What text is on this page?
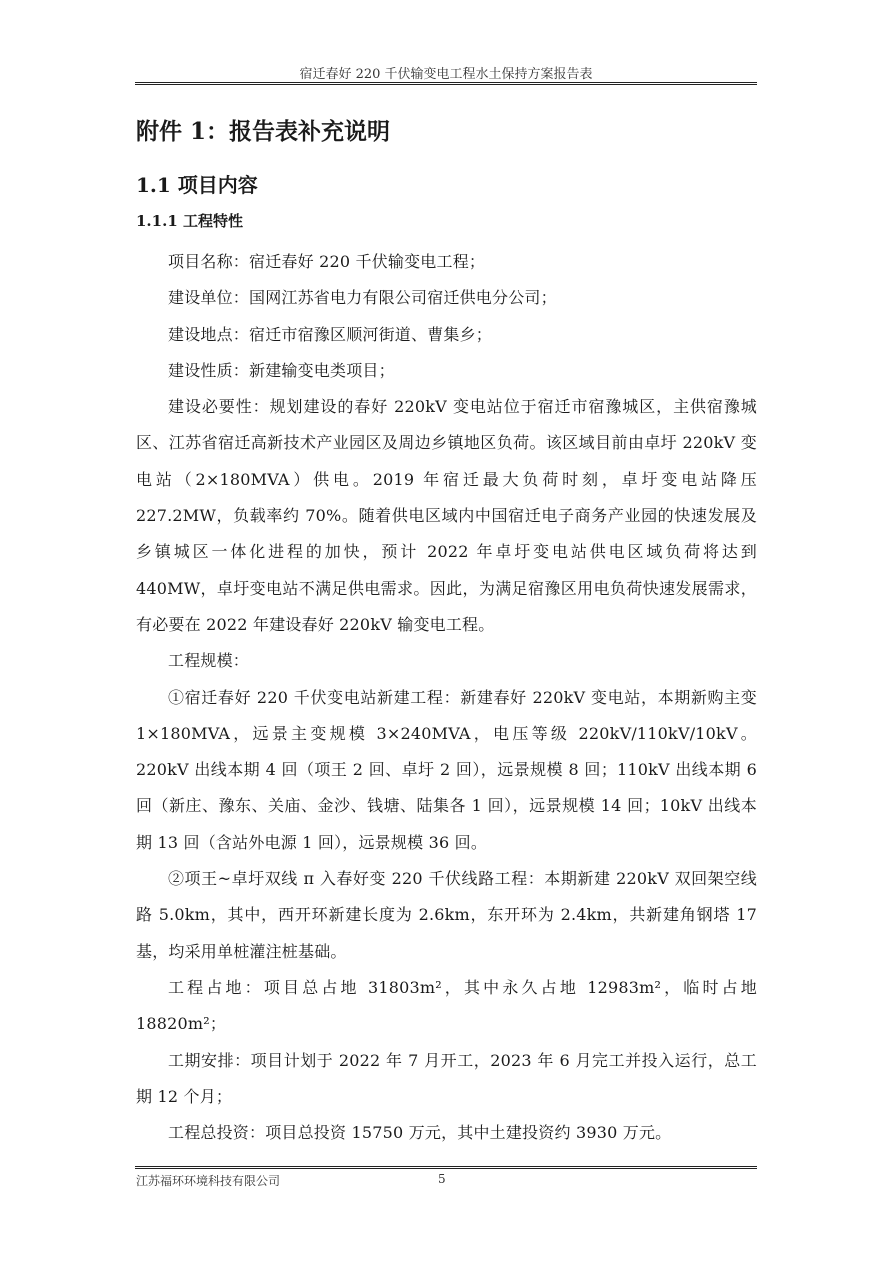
宿迁春好 220 千伏输变电工程水土保持方案报告表
附件 1：报告表补充说明
1.1 项目内容
1.1.1 工程特性

项目名称：宿迁春好 220 千伏输变电工程；

建设单位：国网江苏省电力有限公司宿迁供电分公司；

建设地点：宿迁市宿豫区顺河街道、曹集乡；

建设性质：新建输变电类项目；

建设必要性：规划建设的春好 220kV 变电站位于宿迁市宿豫城区，主供宿豫城区、江苏省宿迁高新技术产业园区及周边乡镇地区负荷。该区域目前由卓圩 220kV 变电站（2×180MVA）供电。2019 年宿迁最大负荷时刻，卓圩变电站降压 227.2MW，负载率约 70%。随着供电区域内中国宿迁电子商务产业园的快速发展及乡镇城区一体化进程的加快，预计 2022 年卓圩变电站供电区域负荷将达到 440MW，卓圩变电站不满足供电需求。因此，为满足宿豫区用电负荷快速发展需求，有必要在 2022 年建设春好 220kV 输变电工程。

工程规模：

①宿迁春好 220 千伏变电站新建工程：新建春好 220kV 变电站，本期新购主变 1×180MVA，远景主变规模 3×240MVA，电压等级 220kV/110kV/10kV。220kV 出线本期 4 回（项王 2 回、卓圩 2 回），远景规模 8 回；110kV 出线本期 6 回（新庄、豫东、关庙、金沙、钱塘、陆集各 1 回），远景规模 14 回；10kV 出线本期 13 回（含站外电源 1 回），远景规模 36 回。

②项王~卓圩双线 π 入春好变 220 千伏线路工程：本期新建 220kV 双回架空线路 5.0km，其中，西开环新建长度为 2.6km，东开环为 2.4km，共新建角钢塔 17 基，均采用单桩灌注桩基础。

工程占地：项目总占地 31803m²，其中永久占地 12983m²，临时占地 18820m²；

工期安排：项目计划于 2022 年 7 月开工，2023 年 6 月完工并投入运行，总工期 12 个月；

工程总投资：项目总投资 15750 万元，其中土建投资约 3930 万元。

江苏福环环境科技有限公司	5
